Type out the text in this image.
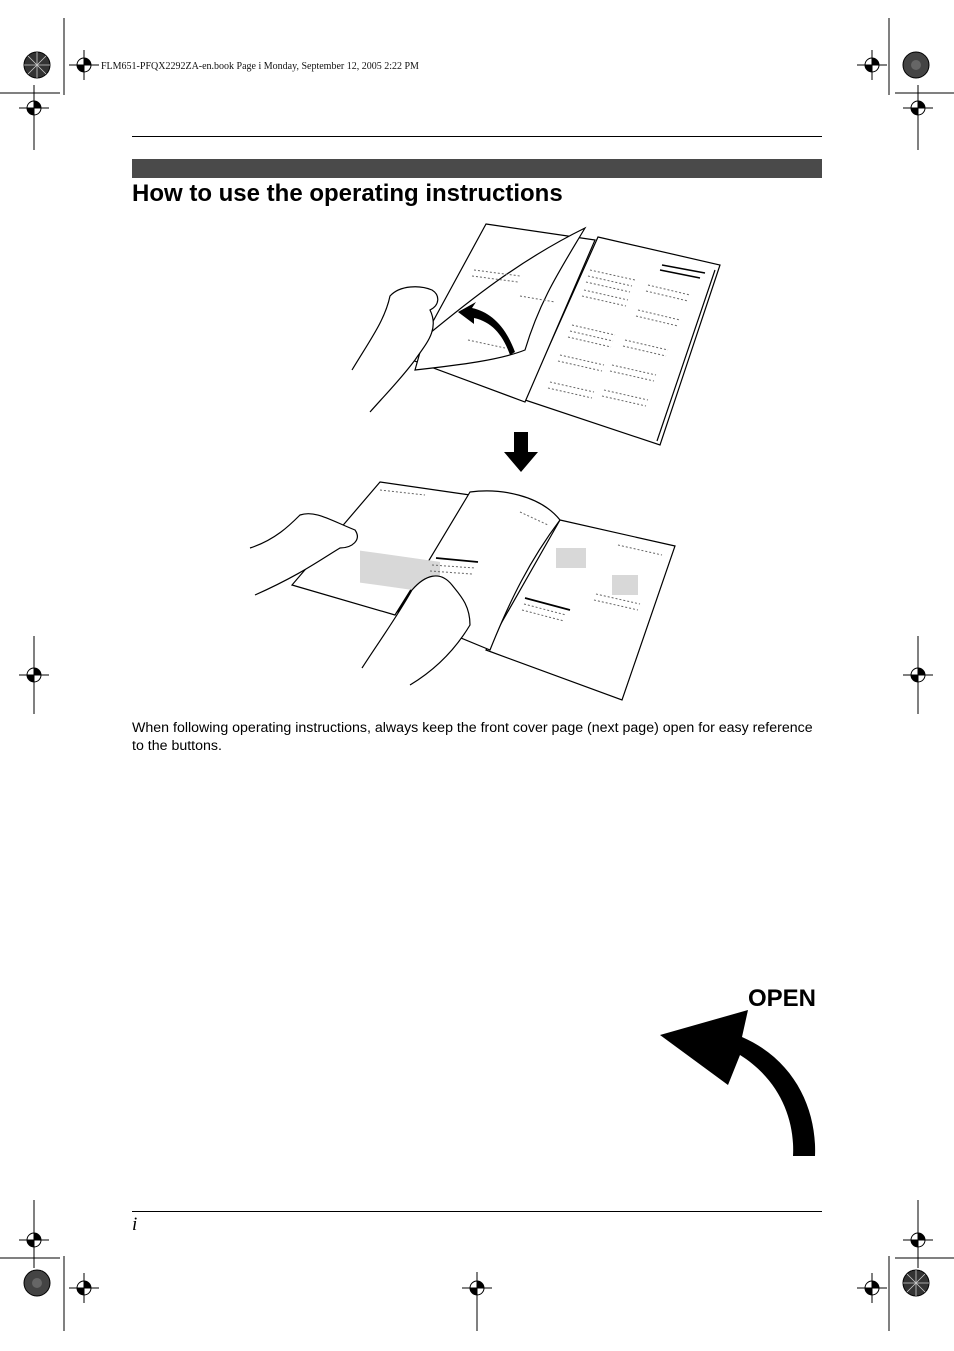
FLM651-PFQX2292ZA-en.book Page i Monday, September 12, 2005 2:22 PM
How to use the operating instructions
When following operating instructions, always keep the front cover page (next page) open for easy reference to the buttons.
OPEN
i
